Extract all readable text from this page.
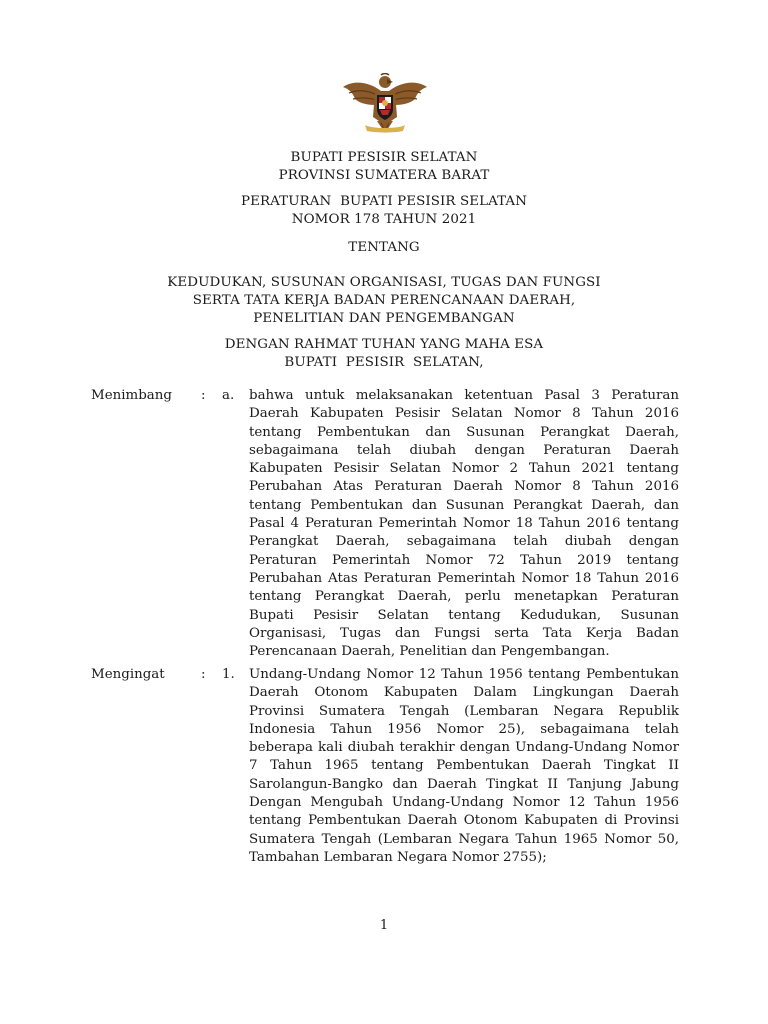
BUPATI PESISIR SELATAN
PROVINSI SUMATERA BARAT
PERATURAN  BUPATI PESISIR SELATAN
NOMOR 178 TAHUN 2021
TENTANG
KEDUDUKAN, SUSUNAN ORGANISASI, TUGAS DAN FUNGSI
SERTA TATA KERJA BADAN PERENCANAAN DAERAH,
PENELITIAN DAN PENGEMBANGAN
DENGAN RAHMAT TUHAN YANG MAHA ESA
BUPATI  PESISIR  SELATAN,
Menimbang : a. bahwa untuk melaksanakan ketentuan Pasal 3 Peraturan Daerah Kabupaten Pesisir Selatan Nomor 8 Tahun 2016 tentang Pembentukan dan Susunan Perangkat Daerah, sebagaimana telah diubah dengan Peraturan Daerah Kabupaten Pesisir Selatan Nomor 2 Tahun 2021 tentang Perubahan Atas Peraturan Daerah Nomor 8 Tahun 2016 tentang Pembentukan dan Susunan Perangkat Daerah, dan Pasal 4 Peraturan Pemerintah Nomor 18 Tahun 2016 tentang Perangkat Daerah, sebagaimana telah diubah dengan Peraturan Pemerintah Nomor 72 Tahun 2019 tentang Perubahan Atas Peraturan Pemerintah Nomor 18 Tahun 2016 tentang Perangkat Daerah, perlu menetapkan Peraturan Bupati Pesisir Selatan tentang Kedudukan, Susunan Organisasi, Tugas dan Fungsi serta Tata Kerja Badan Perencanaan Daerah, Penelitian dan Pengembangan.
Mengingat	: 1. Undang-Undang Nomor 12 Tahun 1956 tentang Pembentukan Daerah Otonom Kabupaten Dalam Lingkungan Daerah Provinsi Sumatera Tengah (Lembaran Negara Republik Indonesia Tahun 1956 Nomor 25), sebagaimana telah beberapa kali diubah terakhir dengan Undang-Undang Nomor 7 Tahun 1965 tentang Pembentukan Daerah Tingkat II Sarolangun-Bangko dan Daerah Tingkat II Tanjung Jabung Dengan Mengubah Undang-Undang Nomor 12 Tahun 1956 tentang Pembentukan Daerah Otonom Kabupaten di Provinsi Sumatera Tengah (Lembaran Negara Tahun 1965 Nomor 50, Tambahan Lembaran Negara Nomor 2755);
1
